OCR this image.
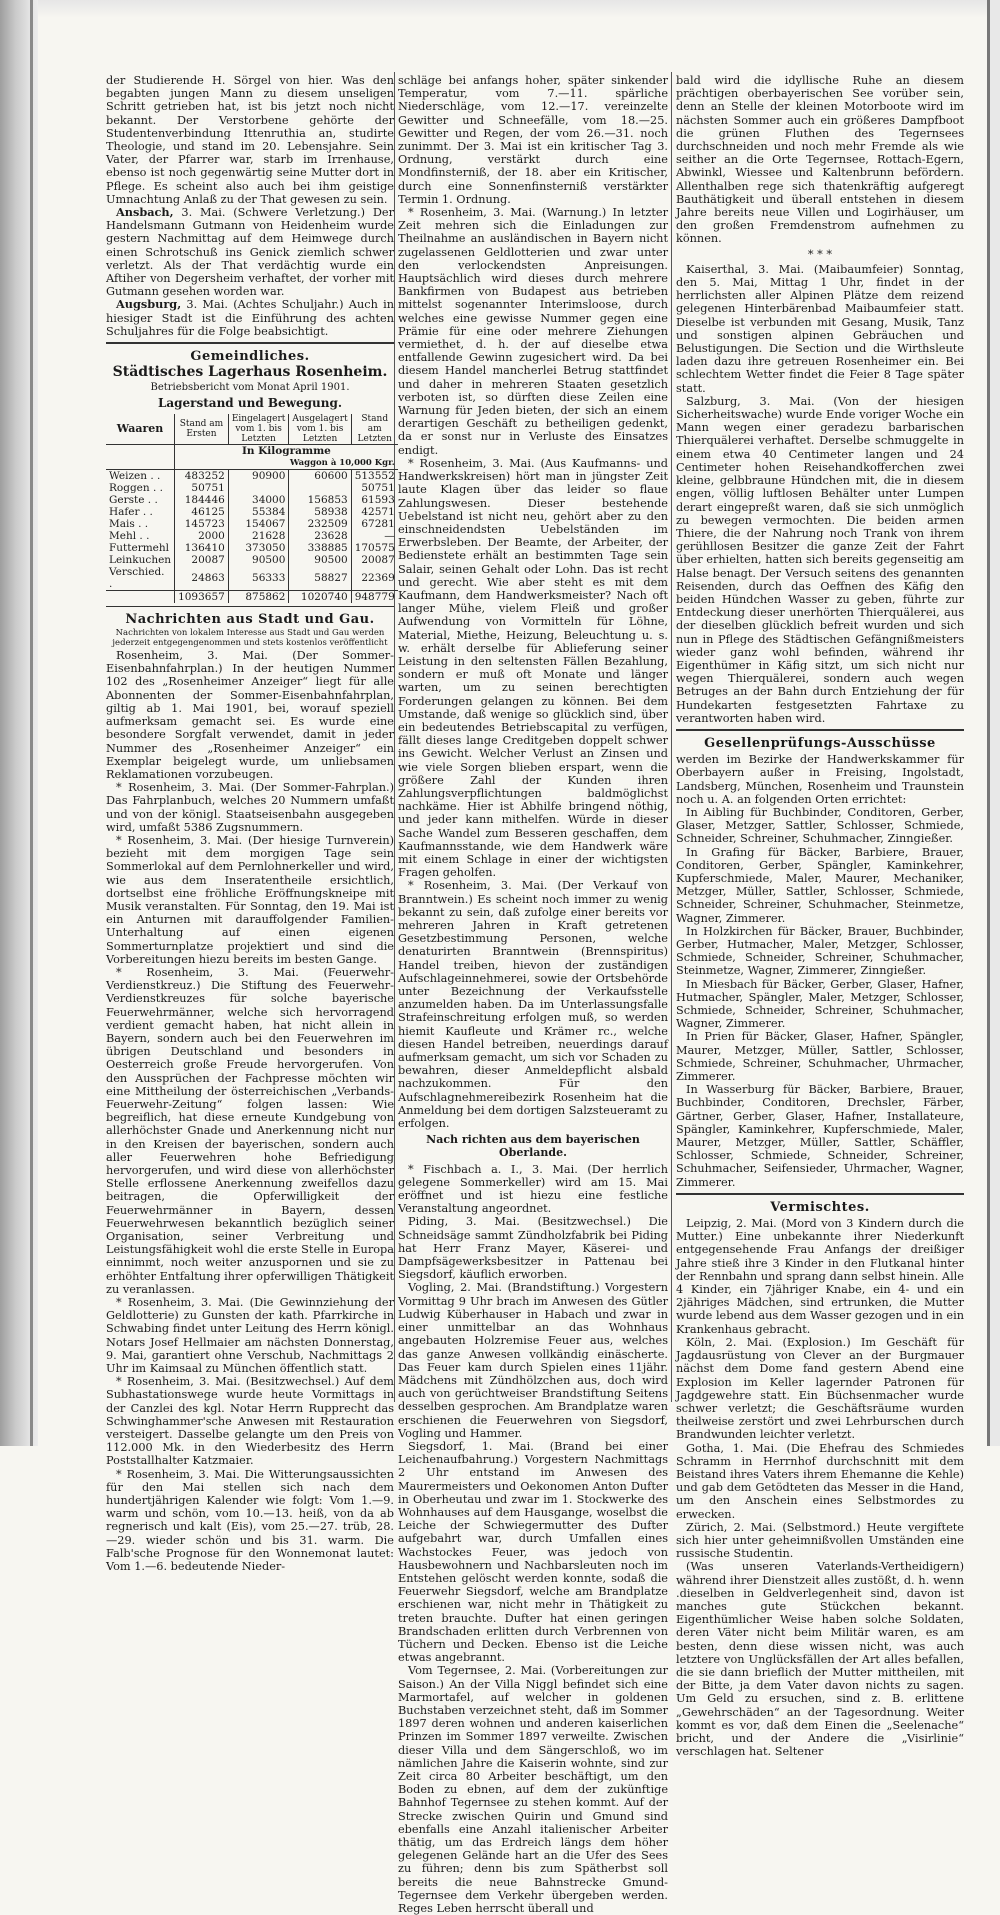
der Studierende H. Sörgel von hier. Was den begabten jungen Mann zu diesem unseligen Schritt getrieben hat, ist bis jetzt noch nicht bekannt. Der Verstorbene gehörte der Studentenverbindung Ittenruthia an, studirte Theologie, und stand im 20. Lebensjahre. Sein Vater, der Pfarrer war, starb im Irrenhause, ebenso ist noch gegenwärtig seine Mutter dort in Pflege. Es scheint also auch bei ihm geistige Umnachtung Anlaß zu der That gewesen zu sein.

Ansbach, 3. Mai. (Schwere Verletzung.) Der Handelsmann Gutmann von Heidenheim wurde gestern Nachmittag auf dem Heimwege durch einen Schrotschuß ins Genick ziemlich schwer verletzt. Als der That verdächtig wurde ein Aftiher von Degersheim verhaftet, der vorher mit Gutmann gesehen worden war.

Augsburg, 3. Mai. (Achtes Schuljahr.) Auch in hiesiger Stadt ist die Einführung des achten Schuljahres für die Folge beabsichtigt.

Gemeindliches.
Städtisches Lagerhaus Rosenheim.
Betriebsbericht vom Monat April 1901.
Lagerstand und Bewegung.
Waaren	Stand am Ersten	Eingelagert vom 1. bis Letzten	Ausgelagert vom 1. bis Letzten	Stand am Letzten
	In Kilogramme
Waggon à 10,000 Kgr.			

Weizen . .	483252	90900	60600	513552
Roggen . .	50751			50751
Gerste . .	184446	34000	156853	61593
Hafer . .	46125	55384	58938	42571
Mais . .	145723	154067	232509	67281
Mehl . .	2000	21628	23628	—
Futtermehl	136410	373050	338885	170575
Leinkuchen	20087	90500	90500	20087
Verschied. .	24863	56333	58827	22369
	1093657	875862	1020740	948779
Nachrichten aus Stadt und Gau.
Nachrichten von lokalem Interesse aus Stadt und Gau werden jederzeit entgegengenommen und stets kostenlos veröffentlicht

Rosenheim, 3. Mai. (Der Sommer-Eisenbahnfahrplan.) In der heutigen Nummer 102 des „Rosenheimer Anzeiger“ liegt für alle Abonnenten der Sommer-Eisenbahnfahrplan, giltig ab 1. Mai 1901, bei, worauf speziell aufmerksam gemacht sei. Es wurde eine besondere Sorgfalt verwendet, damit in jeder Nummer des „Rosenheimer Anzeiger“ ein Exemplar beigelegt wurde, um unliebsamen Reklamationen vorzubeugen.

* Rosenheim, 3. Mai. (Der Sommer-Fahrplan.) Das Fahrplanbuch, welches 20 Nummern umfaßt und von der königl. Staatseisenbahn ausgegeben wird, umfaßt 5386 Zugsnummern.

* Rosenheim, 3. Mai. (Der hiesige Turnverein) bezieht mit dem morgigen Tage sein Sommerlokal auf dem Pernlohnerkeller und wird, wie aus dem Inseratentheile ersichtlich, dortselbst eine fröhliche Eröffnungskneipe mit Musik veranstalten. Für Sonntag, den 19. Mai ist ein Anturnen mit darauffolgender Familien-Unterhaltung auf einen eigenen Sommerturnplatze projektiert und sind die Vorbereitungen hiezu bereits im besten Gange.

* Rosenheim, 3. Mai. (Feuerwehr-Verdienstkreuz.) Die Stiftung des Feuerwehr-Verdienstkreuzes für solche bayerische Feuerwehrmänner, welche sich hervorragend verdient gemacht haben, hat nicht allein in Bayern, sondern auch bei den Feuerwehren im übrigen Deutschland und besonders in Oesterreich große Freude hervorgerufen. Von den Aussprüchen der Fachpresse möchten wir eine Mittheilung der österreichischen „Verbands-Feuerwehr-Zeitung“ folgen lassen: Wie begreiflich, hat diese erneute Kundgebung von allerhöchster Gnade und Anerkennung nicht nur in den Kreisen der bayerischen, sondern auch aller Feuerwehren hohe Befriedigung hervorgerufen, und wird diese von allerhöchster Stelle erflossene Anerkennung zweifellos dazu beitragen, die Opferwilligkeit der Feuerwehrmänner in Bayern, dessen Feuerwehrwesen bekanntlich bezüglich seiner Organisation, seiner Verbreitung und Leistungsfähigkeit wohl die erste Stelle in Europa einnimmt, noch weiter anzuspornen und sie zu erhöhter Entfaltung ihrer opferwilligen Thätigkeit zu veranlassen.

* Rosenheim, 3. Mai. (Die Gewinnziehung der Geldlotterie) zu Gunsten der kath. Pfarrkirche in Schwabing findet unter Leitung des Herrn königl. Notars Josef Hellmaier am nächsten Donnerstag, 9. Mai, garantiert ohne Verschub, Nachmittags 2 Uhr im Kaimsaal zu München öffentlich statt.

* Rosenheim, 3. Mai. (Besitzwechsel.) Auf dem Subhastationswege wurde heute Vormittags in der Canzlei des kgl. Notar Herrn Rupprecht das Schwinghammer'sche Anwesen mit Restauration versteigert. Dasselbe gelangte um den Preis von 112.000 Mk. in den Wiederbesitz des Herrn Poststallhalter Katzmaier.

* Rosenheim, 3. Mai. Die Witterungsaussichten für den Mai stellen sich nach dem hundertjährigen Kalender wie folgt: Vom 1.—9. warm und schön, vom 10.—13. heiß, von da ab regnerisch und kalt (Eis), vom 25.—27. trüb, 28.—29. wieder schön und bis 31. warm. Die Falb'sche Prognose für den Wonnemonat lautet: Vom 1.—6. bedeutende Nieder-

schläge bei anfangs hoher, später sinkender Temperatur, vom 7.—11. spärliche Niederschläge, vom 12.—17. vereinzelte Gewitter und Schneefälle, vom 18.—25. Gewitter und Regen, der vom 26.—31. noch zunimmt. Der 3. Mai ist ein kritischer Tag 3. Ordnung, verstärkt durch eine Mondfinsterniß, der 18. aber ein Kritischer, durch eine Sonnenfinsterniß verstärkter Termin 1. Ordnung.

* Rosenheim, 3. Mai. (Warnung.) In letzter Zeit mehren sich die Einladungen zur Theilnahme an ausländischen in Bayern nicht zugelassenen Geldlotterien und zwar unter den verlockendsten Anpreisungen. Hauptsächlich wird dieses durch mehrere Bankfirmen von Budapest aus betrieben mittelst sogenannter Interimsloose, durch welches eine gewisse Nummer gegen eine Prämie für eine oder mehrere Ziehungen vermiethet, d. h. der auf dieselbe etwa entfallende Gewinn zugesichert wird. Da bei diesem Handel mancherlei Betrug stattfindet und daher in mehreren Staaten gesetzlich verboten ist, so dürften diese Zeilen eine Warnung für Jeden bieten, der sich an einem derartigen Geschäft zu betheiligen gedenkt, da er sonst nur in Verluste des Einsatzes endigt.

* Rosenheim, 3. Mai. (Aus Kaufmanns- und Handwerkskreisen) hört man in jüngster Zeit laute Klagen über das leider so flaue Zahlungswesen. Dieser bestehende Uebelstand ist nicht neu, gehört aber zu den einschneidendsten Uebelständen im Erwerbsleben. Der Beamte, der Arbeiter, der Bedienstete erhält an bestimmten Tage sein Salair, seinen Gehalt oder Lohn. Das ist recht und gerecht. Wie aber steht es mit dem Kaufmann, dem Handwerksmeister? Nach oft langer Mühe, vielem Fleiß und großer Aufwendung von Vormitteln für Löhne, Material, Miethe, Heizung, Beleuchtung u. s. w. erhält derselbe für Ablieferung seiner Leistung in den seltensten Fällen Bezahlung, sondern er muß oft Monate und länger warten, um zu seinen berechtigten Forderungen gelangen zu können. Bei dem Umstande, daß wenige so glücklich sind, über ein bedeutendes Betriebscapital zu verfügen, fällt dieses lange Creditgeben doppelt schwer ins Gewicht. Welcher Verlust an Zinsen und wie viele Sorgen blieben erspart, wenn die größere Zahl der Kunden ihren Zahlungsverpflichtungen baldmöglichst nachkäme. Hier ist Abhilfe bringend nöthig, und jeder kann mithelfen. Würde in dieser Sache Wandel zum Besseren geschaffen, dem Kaufmannsstande, wie dem Handwerk wäre mit einem Schlage in einer der wichtigsten Fragen geholfen.

* Rosenheim, 3. Mai. (Der Verkauf von Branntwein.) Es scheint noch immer zu wenig bekannt zu sein, daß zufolge einer bereits vor mehreren Jahren in Kraft getretenen Gesetzbestimmung Personen, welche denaturirten Branntwein (Brennspiritus) Handel treiben, hievon der zuständigen Aufschlageinnehmerei, sowie der Ortsbehörde unter Bezeichnung der Verkaufsstelle anzumelden haben. Da im Unterlassungsfalle Strafeinschreitung erfolgen muß, so werden hiemit Kaufleute und Krämer rc., welche diesen Handel betreiben, neuerdings darauf aufmerksam gemacht, um sich vor Schaden zu bewahren, dieser Anmeldepflicht alsbald nachzukommen. Für den Aufschlagnehmereibezirk Rosenheim hat die Anmeldung bei dem dortigen Salzsteueramt zu erfolgen.

Nach richten aus dem bayerischen Oberlande.

* Fischbach a. I., 3. Mai. (Der herrlich gelegene Sommerkeller) wird am 15. Mai eröffnet und ist hiezu eine festliche Veranstaltung angeordnet.

Piding, 3. Mai. (Besitzwechsel.) Die Schneidsäge sammt Zündholzfabrik bei Piding hat Herr Franz Mayer, Käserei- und Dampfsägewerksbesitzer in Pattenau bei Siegsdorf, käuflich erworben.

Vogling, 2. Mai. (Brandstiftung.) Vorgestern Vormittag 9 Uhr brach im Anwesen des Gütler Ludwig Küberhauser in Habach und zwar in einer unmittelbar an das Wohnhaus angebauten Holzremise Feuer aus, welches das ganze Anwesen vollkändig einäscherte. Das Feuer kam durch Spielen eines 11jähr. Mädchens mit Zündhölzchen aus, doch wird auch von gerüchtweiser Brandstiftung Seitens desselben gesprochen. Am Brandplatze waren erschienen die Feuerwehren von Siegsdorf, Vogling und Hammer.

Siegsdorf, 1. Mai. (Brand bei einer Leichenaufbahrung.) Vorgestern Nachmittags 2 Uhr entstand im Anwesen des Maurermeisters und Oekonomen Anton Dufter in Oberheutau und zwar im 1. Stockwerke des Wohnhauses auf dem Hausgange, woselbst die Leiche der Schwiegermutter des Dufter aufgebahrt war, durch Umfallen eines Wachstockes Feuer, was jedoch von Hausbewohnern und Nachbarsleuten noch im Entstehen gelöscht werden konnte, sodaß die Feuerwehr Siegsdorf, welche am Brandplatze erschienen war, nicht mehr in Thätigkeit zu treten brauchte. Dufter hat einen geringen Brandschaden erlitten durch Verbrennen von Tüchern und Decken. Ebenso ist die Leiche etwas angebrannt.

Vom Tegernsee, 2. Mai. (Vorbereitungen zur Saison.) An der Villa Niggl befindet sich eine Marmortafel, auf welcher in goldenen Buchstaben verzeichnet steht, daß im Sommer 1897 deren wohnen und anderen kaiserlichen Prinzen im Sommer 1897 verweilte. Zwischen dieser Villa und dem Sängerschloß, wo im nämlichen Jahre die Kaiserin wohnte, sind zur Zeit circa 80 Arbeiter beschäftigt, um den Boden zu ebnen, auf dem der zukünftige Bahnhof Tegernsee zu stehen kommt. Auf der Strecke zwischen Quirin und Gmund sind ebenfalls eine Anzahl italienischer Arbeiter thätig, um das Erdreich längs dem höher gelegenen Gelände hart an die Ufer des Sees zu führen; denn bis zum Spätherbst soll bereits die neue Bahnstrecke Gmund-Tegernsee dem Verkehr übergeben werden. Reges Leben herrscht überall und

bald wird die idyllische Ruhe an diesem prächtigen oberbayerischen See vorüber sein, denn an Stelle der kleinen Motorboote wird im nächsten Sommer auch ein größeres Dampfboot die grünen Fluthen des Tegernsees durchschneiden und noch mehr Fremde als wie seither an die Orte Tegernsee, Rottach-Egern, Abwinkl, Wiessee und Kaltenbrunn befördern. Allenthalben rege sich thatenkräftig aufgeregt Bauthätigkeit und überall entstehen in diesem Jahre bereits neue Villen und Logirhäuser, um den großen Fremdenstrom aufnehmen zu können.

* * *

Kaiserthal, 3. Mai. (Maibaumfeier) Sonntag, den 5. Mai, Mittag 1 Uhr, findet in der herrlichsten aller Alpinen Plätze dem reizend gelegenen Hinterbärenbad Maibaumfeier statt. Dieselbe ist verbunden mit Gesang, Musik, Tanz und sonstigen alpinen Gebräuchen und Belustigungen. Die Section und die Wirthsleute laden dazu ihre getreuen Rosenheimer ein. Bei schlechtem Wetter findet die Feier 8 Tage später statt.

Salzburg, 3. Mai. (Von der hiesigen Sicherheitswache) wurde Ende voriger Woche ein Mann wegen einer geradezu barbarischen Thierquälerei verhaftet. Derselbe schmuggelte in einem etwa 40 Centimeter langen und 24 Centimeter hohen Reisehandkofferchen zwei kleine, gelbbraune Hündchen mit, die in diesem engen, völlig luftlosen Behälter unter Lumpen derart eingepreßt waren, daß sie sich unmöglich zu bewegen vermochten. Die beiden armen Thiere, die der Nahrung noch Trank von ihrem gerühllosen Besitzer die ganze Zeit der Fahrt über erhielten, hatten sich bereits gegenseitig am Halse benagt. Der Versuch seitens des genannten Reisenden, durch das Oeffnen des Käfig den beiden Hündchen Wasser zu geben, führte zur Entdeckung dieser unerhörten Thierquälerei, aus der dieselben glücklich befreit wurden und sich nun in Pflege des Städtischen Gefängnißmeisters wieder ganz wohl befinden, während ihr Eigenthümer in Käfig sitzt, um sich nicht nur wegen Thierquälerei, sondern auch wegen Betruges an der Bahn durch Entziehung der für Hundekarten festgesetzten Fahrtaxe zu verantworten haben wird.

Gesellenprüfungs-Ausschüsse

werden im Bezirke der Handwerkskammer für Oberbayern außer in Freising, Ingolstadt, Landsberg, München, Rosenheim und Traunstein noch u. A. an folgenden Orten errichtet:

In Aibling für Buchbinder, Conditoren, Gerber, Glaser, Metzger, Sattler, Schlosser, Schmiede, Schneider, Schreiner, Schuhmacher, Zinngießer.

In Grafing für Bäcker, Barbiere, Brauer, Conditoren, Gerber, Spängler, Kaminkehrer, Kupferschmiede, Maler, Maurer, Mechaniker, Metzger, Müller, Sattler, Schlosser, Schmiede, Schneider, Schreiner, Schuhmacher, Steinmetze, Wagner, Zimmerer.

In Holzkirchen für Bäcker, Brauer, Buchbinder, Gerber, Hutmacher, Maler, Metzger, Schlosser, Schmiede, Schneider, Schreiner, Schuhmacher, Steinmetze, Wagner, Zimmerer, Zinngießer.

In Miesbach für Bäcker, Gerber, Glaser, Hafner, Hutmacher, Spängler, Maler, Metzger, Schlosser, Schmiede, Schneider, Schreiner, Schuhmacher, Wagner, Zimmerer.

In Prien für Bäcker, Glaser, Hafner, Spängler, Maurer, Metzger, Müller, Sattler, Schlosser, Schmiede, Schreiner, Schuhmacher, Uhrmacher, Zimmerer.

In Wasserburg für Bäcker, Barbiere, Brauer, Buchbinder, Conditoren, Drechsler, Färber, Gärtner, Gerber, Glaser, Hafner, Installateure, Spängler, Kaminkehrer, Kupferschmiede, Maler, Maurer, Metzger, Müller, Sattler, Schäffler, Schlosser, Schmiede, Schneider, Schreiner, Schuhmacher, Seifensieder, Uhrmacher, Wagner, Zimmerer.

Vermischtes.

Leipzig, 2. Mai. (Mord von 3 Kindern durch die Mutter.) Eine unbekannte ihrer Niederkunft entgegensehende Frau Anfangs der dreißiger Jahre stieß ihre 3 Kinder in den Flutkanal hinter der Rennbahn und sprang dann selbst hinein. Alle 4 Kinder, ein 7jähriger Knabe, ein 4- und ein 2jähriges Mädchen, sind ertrunken, die Mutter wurde lebend aus dem Wasser gezogen und in ein Krankenhaus gebracht.

Köln, 2. Mai. (Explosion.) Im Geschäft für Jagdausrüstung von Clever an der Burgmauer nächst dem Dome fand gestern Abend eine Explosion im Keller lagernder Patronen für Jagdgewehre statt. Ein Büchsenmacher wurde schwer verletzt; die Geschäftsräume wurden theilweise zerstört und zwei Lehrburschen durch Brandwunden leichter verletzt.

Gotha, 1. Mai. (Die Ehefrau des Schmiedes Schramm in Herrnhof durchschnitt mit dem Beistand ihres Vaters ihrem Ehemanne die Kehle) und gab dem Getödteten das Messer in die Hand, um den Anschein eines Selbstmordes zu erwecken.

Zürich, 2. Mai. (Selbstmord.) Heute vergiftete sich hier unter geheimnißvollen Umständen eine russische Studentin.

(Was unseren Vaterlands-Vertheidigern) während ihrer Dienstzeit alles zustößt, d. h. wenn .dieselben in Geldverlegenheit sind, davon ist manches gute Stückchen bekannt. Eigenthümlicher Weise haben solche Soldaten, deren Väter nicht beim Militär waren, es am besten, denn diese wissen nicht, was auch letztere von Unglücksfällen der Art alles befallen, die sie dann brieflich der Mutter mittheilen, mit der Bitte, ja dem Vater davon nichts zu sagen. Um Geld zu ersuchen, sind z. B. erlittene „Gewehrschäden“ an der Tagesordnung. Weiter kommt es vor, daß dem Einen die „Seelenache“ bricht, und der Andere die „Visirlinie“ verschlagen hat. Seltener
